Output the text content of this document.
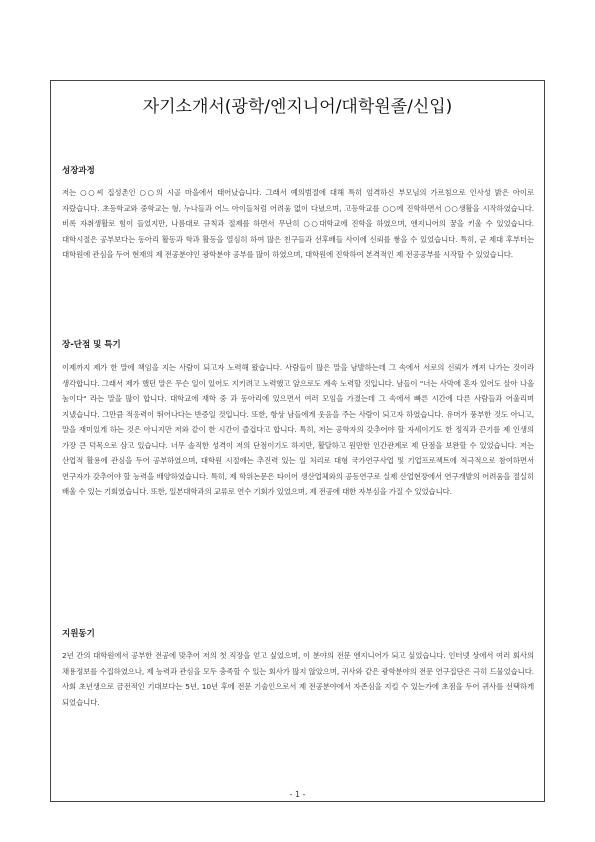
자기소개서(광학/엔지니어/대학원졸/신입)

성장과정

저는 ○○씨 집성촌인 ○○의 시골 마을에서 태어났습니다. 그래서 예의범절에 대해 특히 엄격하신 부모님의 가르침으로 인사성 밝은 아이로 자랐습니다. 초등학교와 중학교는 형, 누나들과 어느 아이들처럼 어려움 없이 다녔으며, 고등학교를 ○○에 진학하면서 ○○생활을 시작하였습니다. 비록 자취생활로 힘이 들었지만, 나름대로 규칙과 절제를 하면서 무난히 ○○대학교에 진학을 하였으며, 엔지니어의 꿈을 키울 수 있었습니다. 대학시절은 공부보다는 동아리 활동과 학과 활동을 열심히 하여 많은 친구들과 선후배들 사이에 신뢰를 쌓을 수 있었습니다. 특히, 군 제대 후부터는 대학원에 관심을 두어 현재의 제 전공분야인 광학분야 공부를 많이 하였으며, 대학원에 진학하여 본격적인 제 전공공부를 시작할 수 있었습니다.

장-단점 및 특기

이제까지 제가 한 말에 책임을 지는 사람이 되고자 노력해 왔습니다. 사람들이 많은 말을 남발하는데 그 속에서 서로의 신뢰가 깨져 나가는 것이라 생각합니다. 그래서 제가 했던 말은 무슨 일이 있어도 지키려고 노력했고 앞으로도 계속 노력할 것입니다. 남들이 "너는 사막에 혼자 있어도 살아 나올 놈이다" 라는 말을 많이 합니다. 대학교에 재학 중 과 동아리에 있으면서 여러 모임을 가졌는데 그 속에서 빠른 시간에 다른 사람들과 어울리며 지냈습니다. 그만큼 적응력이 뛰어나다는 반증일 것입니다. 또한, 항상 남들에게 웃음을 주는 사람이 되고자 하였습니다. 유머가 풍부한 것도 아니고, 말을 재미있게 하는 것은 아니지만 저와 같이 한 시간이 즐겁다고 합니다. 특히, 저는 공학자의 갖추어야 할 자세이기도 한 정직과 끈기를 제 인생의 가장 큰 덕목으로 삼고 있습니다. 너무 솔직한 성격이 저의 단점이기도 하지만, 활달하고 원만한 인간관계로 제 단점을 보완할 수 있었습니다. 저는 산업적 활용에 관심을 두어 공부하였으며, 대학원 시절에는 추진력 있는 일 처리로 대형 국가연구사업 및 기업프로젝트에 적극적으로 참여하면서 연구자가 갖추어야 할 능력을 배양하였습니다. 특히, 제 학위논문은 타이어 생산업체와의 공동연구로 실제 산업현장에서 연구개발의 어려움을 절실히 배울 수 있는 기회였습니다. 또한, 일본대학과의 교류로 연수 기회가 있었으며, 제 전공에 대한 자부심을 가질 수 있었습니다.

지원동기

2년 간의 대학원에서 공부한 전공에 맞추어 저의 첫 직장을 얻고 싶었으며, 이 분야의 전문 엔지니어가 되고 싶었습니다. 인터넷 상에서 여러 회사의 채용정보를 수집하였으나, 제 능력과 관심을 모두 충족할 수 있는 회사가 많지 않았으며, 귀사와 같은 광학분야의 전문 연구집단은 극히 드물었습니다. 사회 초년생으로 금전적인 기대보다는 5년, 10년 후에 전문 기술인으로서 제 전공분야에서 자존심을 지킬 수 있는가에 초점을 두어 귀사를 선택하게 되었습니다.

- 1 -
